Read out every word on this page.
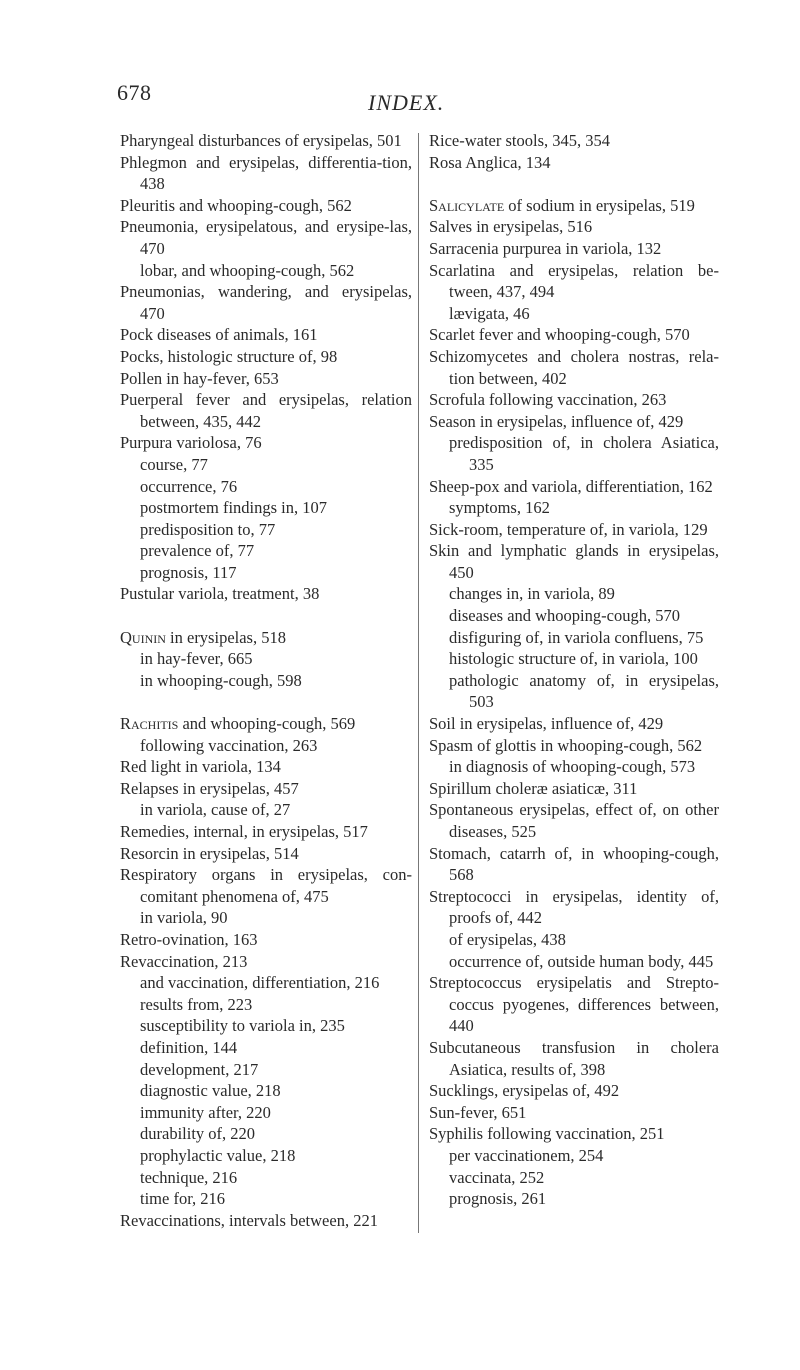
678	INDEX.

Pharyngeal disturbances of erysipelas, 501

Phlegmon and erysipelas, differentia-tion, 438

Pleuritis and whooping-cough, 562

Pneumonia, erysipelatous, and erysipe-las, 470

lobar, and whooping-cough, 562

Pneumonias, wandering, and erysipelas, 470

Pock diseases of animals, 161

Pocks, histologic structure of, 98

Pollen in hay-fever, 653

Puerperal fever and erysipelas, relation between, 435, 442

Purpura variolosa, 76

course, 77

occurrence, 76

postmortem findings in, 107

predisposition to, 77

prevalence of, 77

prognosis, 117

Pustular variola, treatment, 38

Quinin in erysipelas, 518

in hay-fever, 665

in whooping-cough, 598

Rachitis and whooping-cough, 569

following vaccination, 263

Red light in variola, 134

Relapses in erysipelas, 457

in variola, cause of, 27

Remedies, internal, in erysipelas, 517

Resorcin in erysipelas, 514

Respiratory organs in erysipelas, con-comitant phenomena of, 475

in variola, 90

Retro-ovination, 163

Revaccination, 213

and vaccination, differentiation, 216

results from, 223

susceptibility to variola in, 235

definition, 144

development, 217

diagnostic value, 218

immunity after, 220

durability of, 220

prophylactic value, 218

technique, 216

time for, 216

Revaccinations, intervals between, 221

Rice-water stools, 345, 354

Rosa Anglica, 134

Salicylate of sodium in erysipelas, 519

Salves in erysipelas, 516

Sarracenia purpurea in variola, 132

Scarlatina and erysipelas, relation be-tween, 437, 494

lævigata, 46

Scarlet fever and whooping-cough, 570

Schizomycetes and cholera nostras, rela-tion between, 402

Scrofula following vaccination, 263

Season in erysipelas, influence of, 429

predisposition of, in cholera Asiatica, 335

Sheep-pox and variola, differentiation, 162

symptoms, 162

Sick-room, temperature of, in variola, 129

Skin and lymphatic glands in erysipelas, 450

changes in, in variola, 89

diseases and whooping-cough, 570

disfiguring of, in variola confluens, 75

histologic structure of, in variola, 100

pathologic anatomy of, in erysipelas, 503

Soil in erysipelas, influence of, 429

Spasm of glottis in whooping-cough, 562

in diagnosis of whooping-cough, 573

Spirillum choleræ asiaticæ, 311

Spontaneous erysipelas, effect of, on other diseases, 525

Stomach, catarrh of, in whooping-cough, 568

Streptococci in erysipelas, identity of, proofs of, 442

of erysipelas, 438

occurrence of, outside human body, 445

Streptococcus erysipelatis and Strepto-coccus pyogenes, differences between, 440

Subcutaneous transfusion in cholera Asiatica, results of, 398

Sucklings, erysipelas of, 492

Sun-fever, 651

Syphilis following vaccination, 251

per vaccinationem, 254

vaccinata, 252

prognosis, 261
